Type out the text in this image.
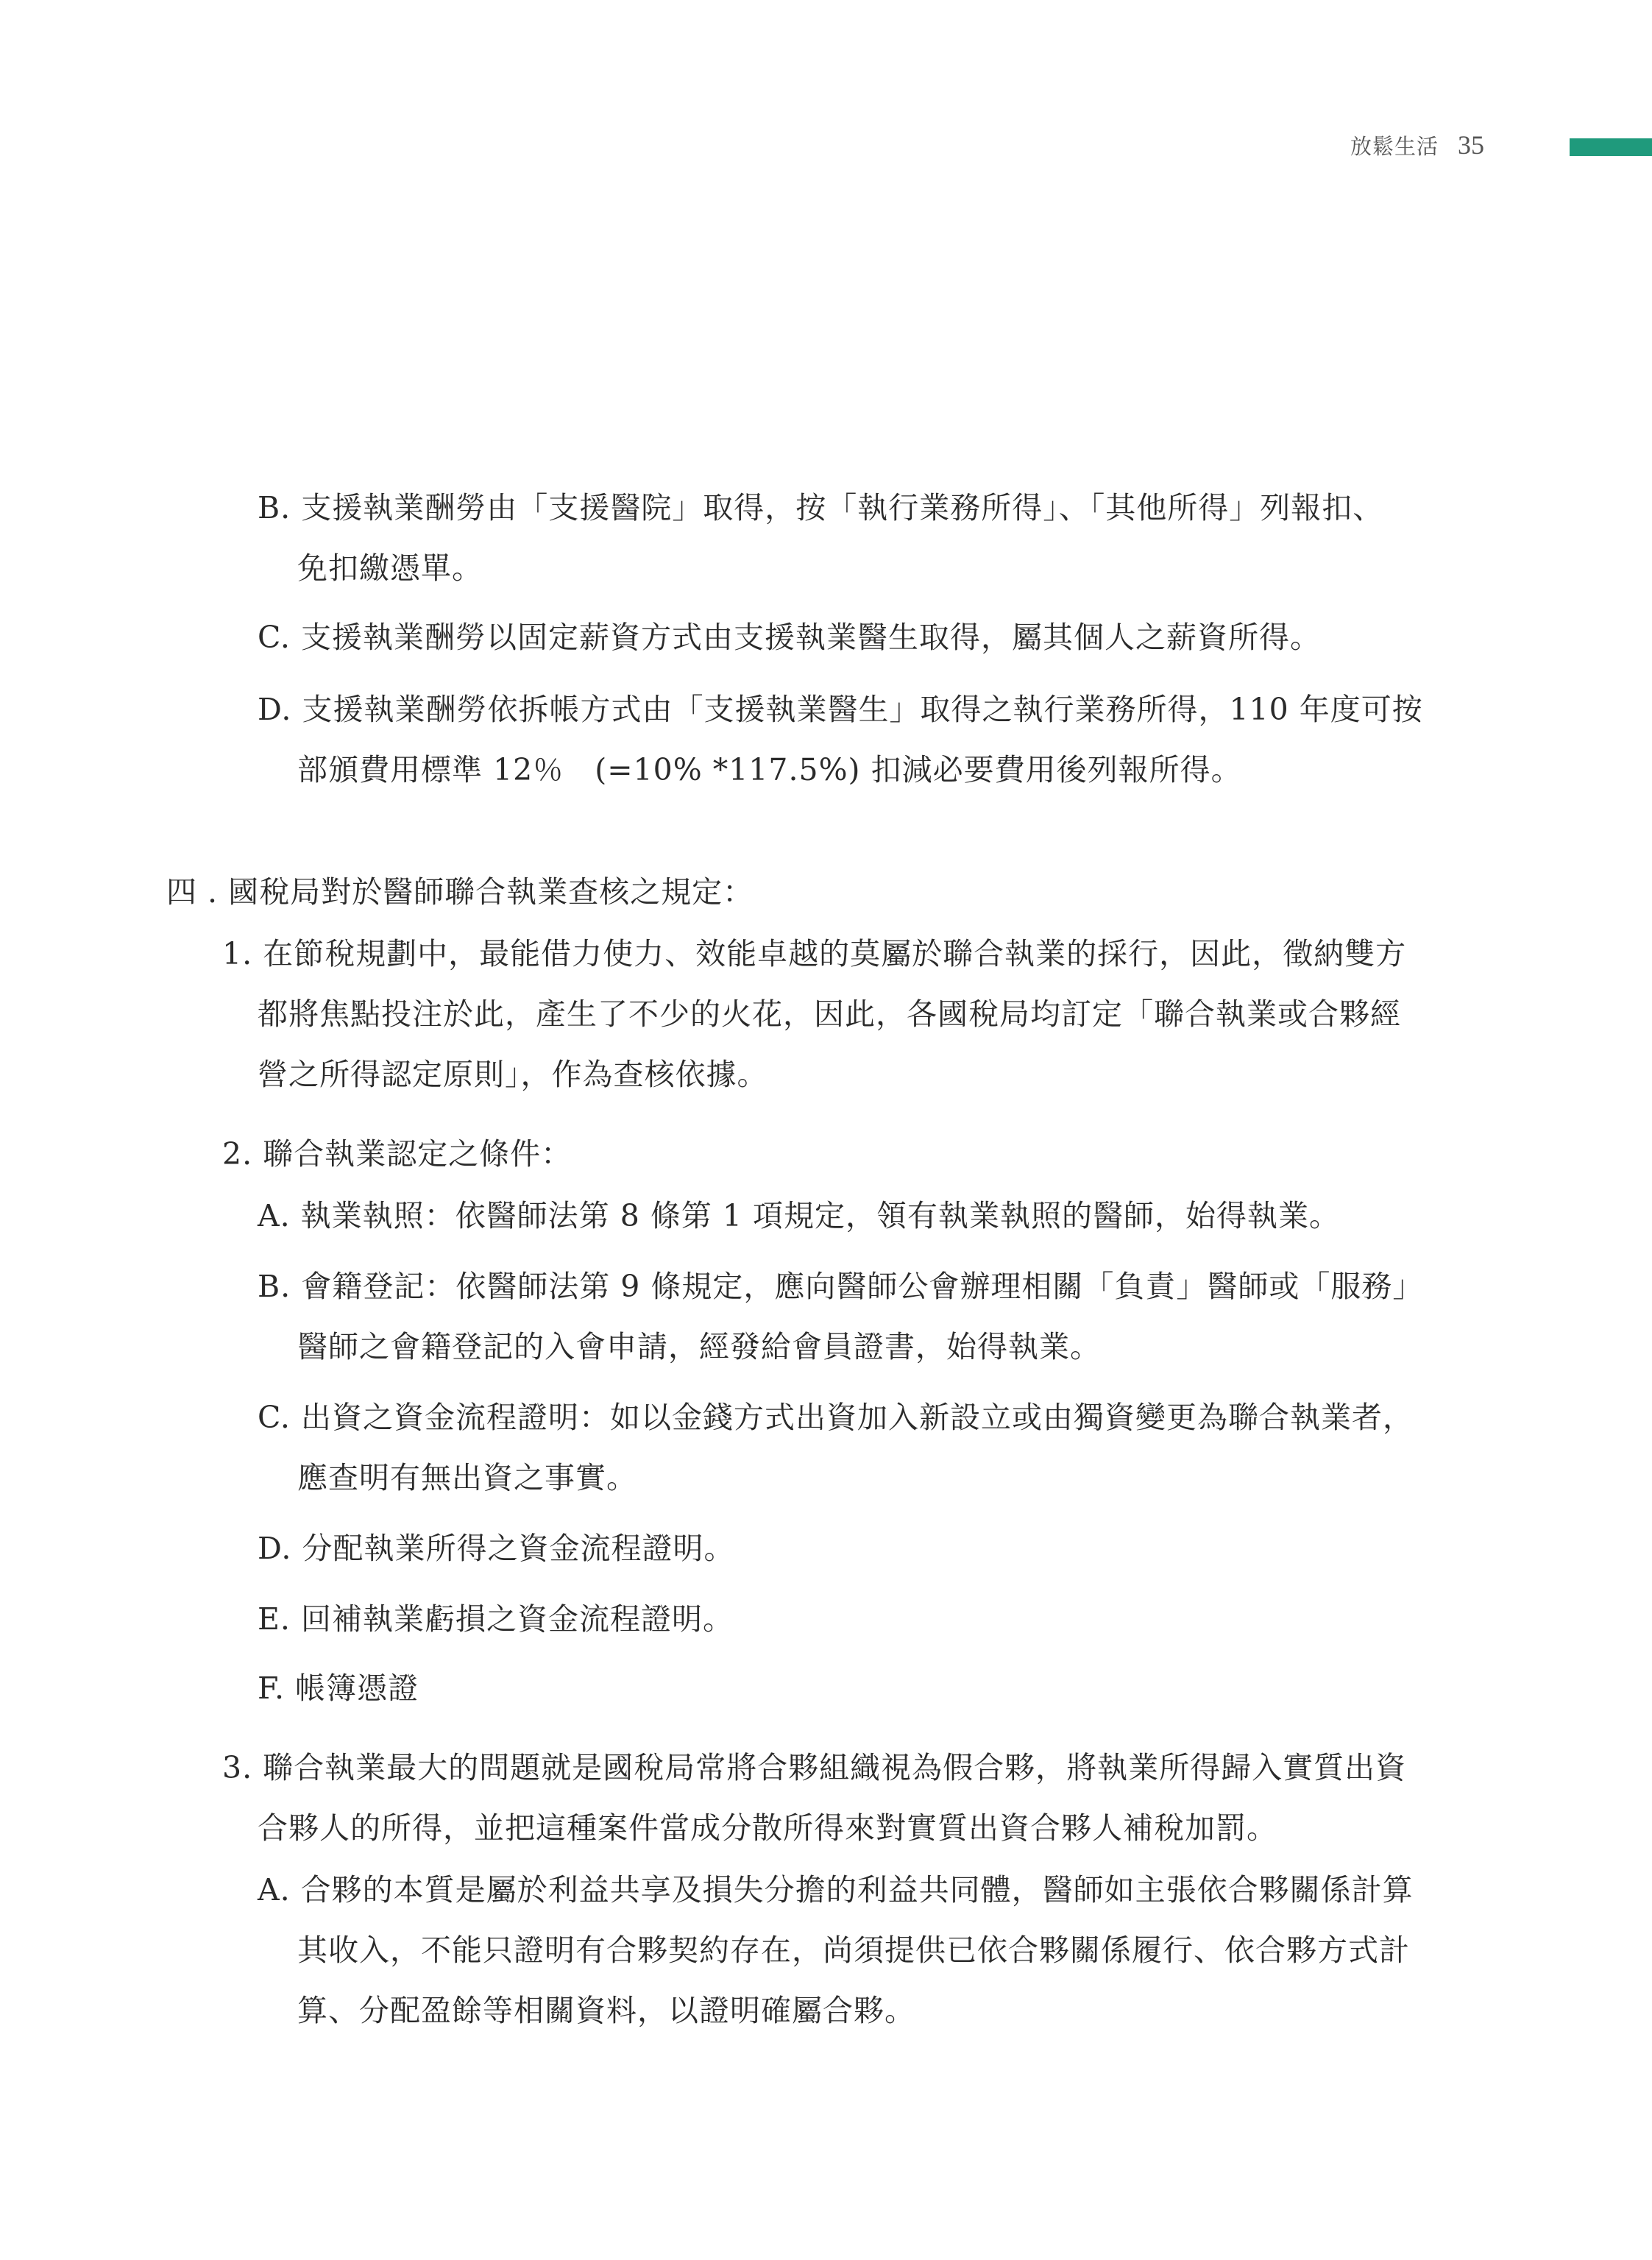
放鬆生活 35
B. 支援執業酬勞由「支援醫院」取得，按「執行業務所得」、「其他所得」列報扣、
免扣繳憑單。
C. 支援執業酬勞以固定薪資方式由支援執業醫生取得，屬其個人之薪資所得。
D. 支援執業酬勞依拆帳方式由「支援執業醫生」取得之執行業務所得，110 年度可按
部頒費用標準 12％　(=10% *117.5%) 扣減必要費用後列報所得。
四 . 國稅局對於醫師聯合執業查核之規定：
1. 在節稅規劃中，最能借力使力、效能卓越的莫屬於聯合執業的採行，因此，徵納雙方
都將焦點投注於此，產生了不少的火花，因此，各國稅局均訂定「聯合執業或合夥經
營之所得認定原則」，作為查核依據。
2. 聯合執業認定之條件：
A. 執業執照：依醫師法第 8 條第 1 項規定，領有執業執照的醫師，始得執業。
B. 會籍登記：依醫師法第 9 條規定，應向醫師公會辦理相關「負責」醫師或「服務」
醫師之會籍登記的入會申請，經發給會員證書，始得執業。
C. 出資之資金流程證明：如以金錢方式出資加入新設立或由獨資變更為聯合執業者，
應查明有無出資之事實。
D. 分配執業所得之資金流程證明。
E. 回補執業虧損之資金流程證明。
F. 帳簿憑證
3. 聯合執業最大的問題就是國稅局常將合夥組織視為假合夥，將執業所得歸入實質出資
合夥人的所得，並把這種案件當成分散所得來對實質出資合夥人補稅加罰。
A. 合夥的本質是屬於利益共享及損失分擔的利益共同體，醫師如主張依合夥關係計算
其收入，不能只證明有合夥契約存在，尚須提供已依合夥關係履行、依合夥方式計
算、分配盈餘等相關資料，以證明確屬合夥。
